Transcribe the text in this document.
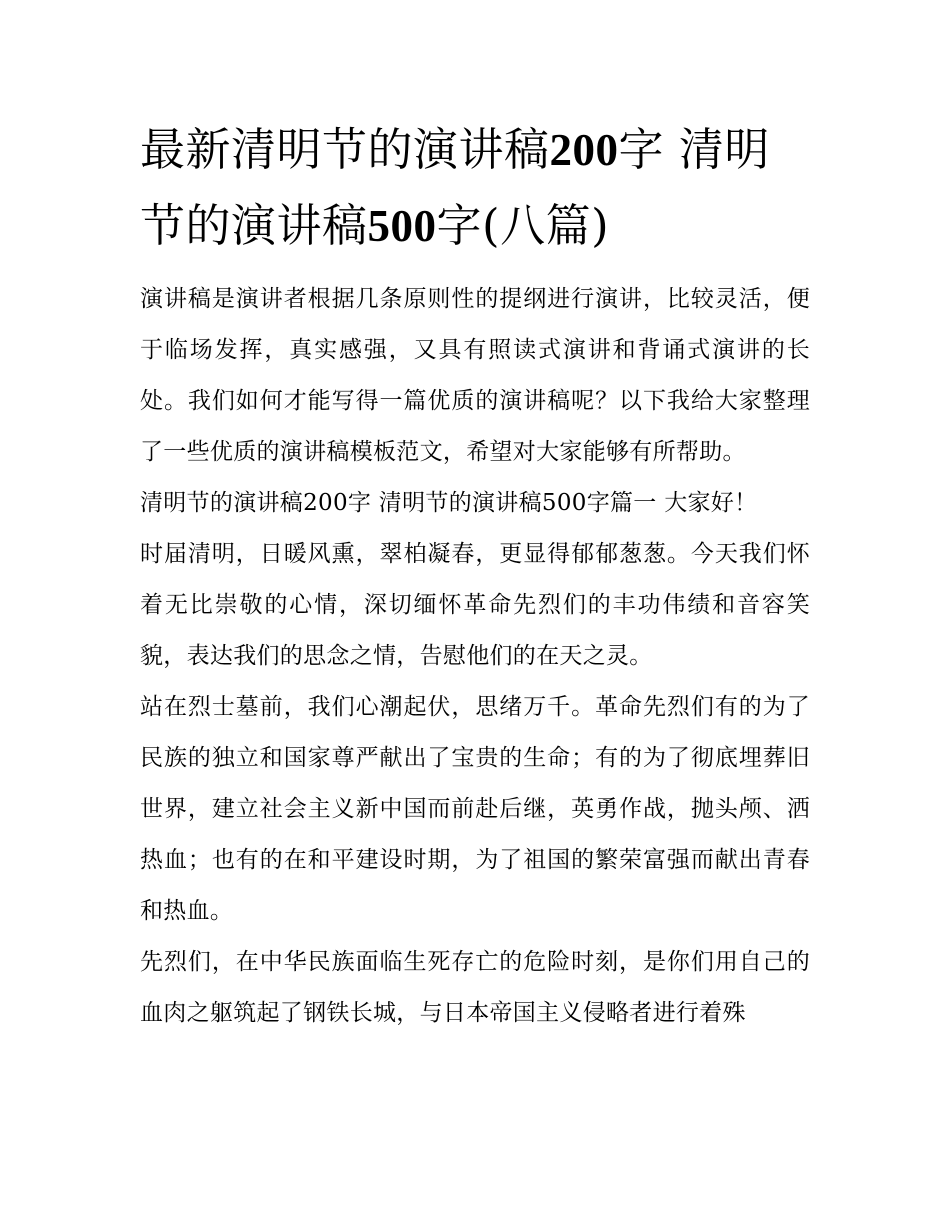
最新清明节的演讲稿200字 清明节的演讲稿500字(八篇)

演讲稿是演讲者根据几条原则性的提纲进行演讲，比较灵活，便于临场发挥，真实感强，又具有照读式演讲和背诵式演讲的长处。我们如何才能写得一篇优质的演讲稿呢？以下我给大家整理了一些优质的演讲稿模板范文，希望对大家能够有所帮助。

清明节的演讲稿200字 清明节的演讲稿500字篇一 大家好！

时届清明，日暖风熏，翠柏凝春，更显得郁郁葱葱。今天我们怀着无比崇敬的心情，深切缅怀革命先烈们的丰功伟绩和音容笑貌，表达我们的思念之情，告慰他们的在天之灵。

站在烈士墓前，我们心潮起伏，思绪万千。革命先烈们有的为了民族的独立和国家尊严献出了宝贵的生命；有的为了彻底埋葬旧世界，建立社会主义新中国而前赴后继，英勇作战，抛头颅、洒热血；也有的在和平建设时期，为了祖国的繁荣富强而献出青春和热血。

先烈们，在中华民族面临生死存亡的危险时刻，是你们用自己的血肉之躯筑起了钢铁长城，与日本帝国主义侵略者进行着殊
